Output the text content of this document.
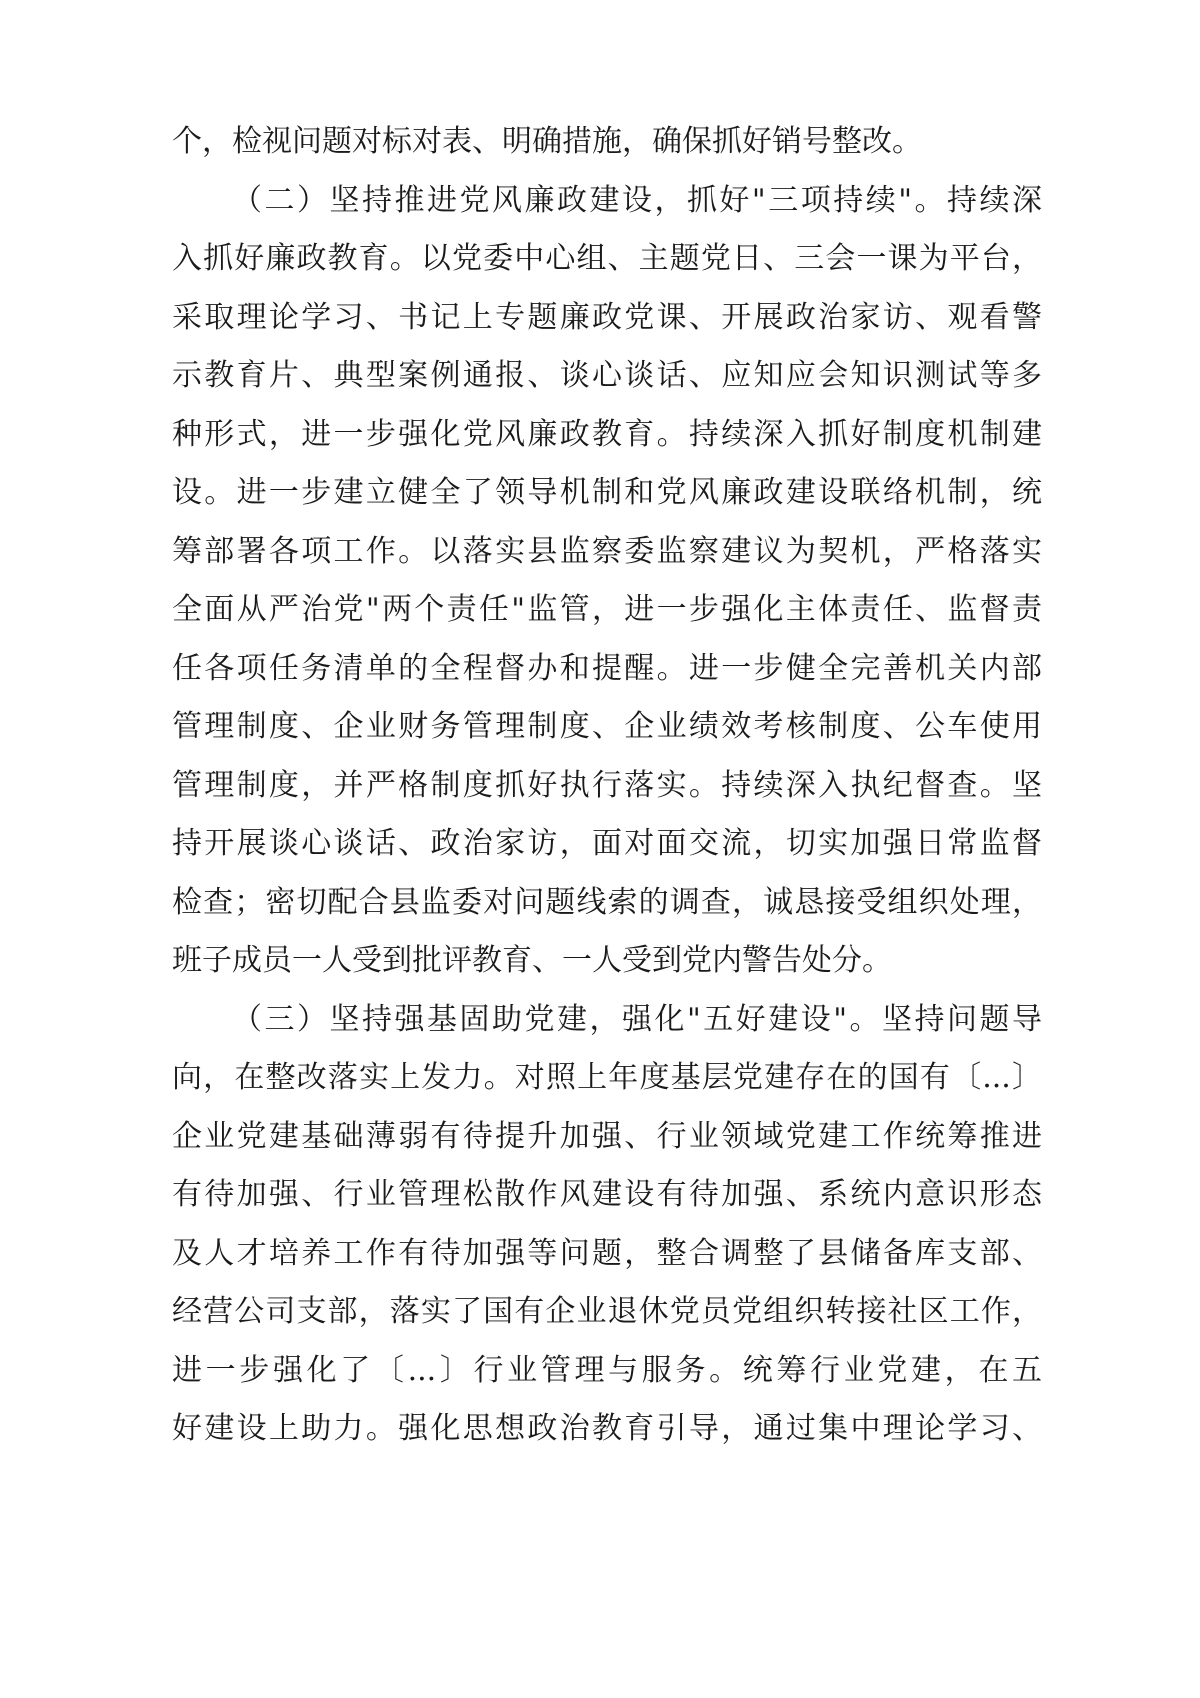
个，检视问题对标对表、明确措施，确保抓好销号整改。
（二）坚持推进党风廉政建设，抓好"三项持续"。持续深
入抓好廉政教育。以党委中心组、主题党日、三会一课为平台，
采取理论学习、书记上专题廉政党课、开展政治家访、观看警
示教育片、典型案例通报、谈心谈话、应知应会知识测试等多
种形式，进一步强化党风廉政教育。持续深入抓好制度机制建
设。进一步建立健全了领导机制和党风廉政建设联络机制，统
筹部署各项工作。以落实县监察委监察建议为契机，严格落实
全面从严治党"两个责任"监管，进一步强化主体责任、监督责
任各项任务清单的全程督办和提醒。进一步健全完善机关内部
管理制度、企业财务管理制度、企业绩效考核制度、公车使用
管理制度，并严格制度抓好执行落实。持续深入执纪督查。坚
持开展谈心谈话、政治家访，面对面交流，切实加强日常监督
检查；密切配合县监委对问题线索的调查，诚恳接受组织处理，
班子成员一人受到批评教育、一人受到党内警告处分。
（三）坚持强基固助党建，强化"五好建设"。坚持问题导
向，在整改落实上发力。对照上年度基层党建存在的国有〔...〕
企业党建基础薄弱有待提升加强、行业领域党建工作统筹推进
有待加强、行业管理松散作风建设有待加强、系统内意识形态
及人才培养工作有待加强等问题，整合调整了县储备库支部、
经营公司支部，落实了国有企业退休党员党组织转接社区工作，
进一步强化了〔...〕行业管理与服务。统筹行业党建，在五
好建设上助力。强化思想政治教育引导，通过集中理论学习、
